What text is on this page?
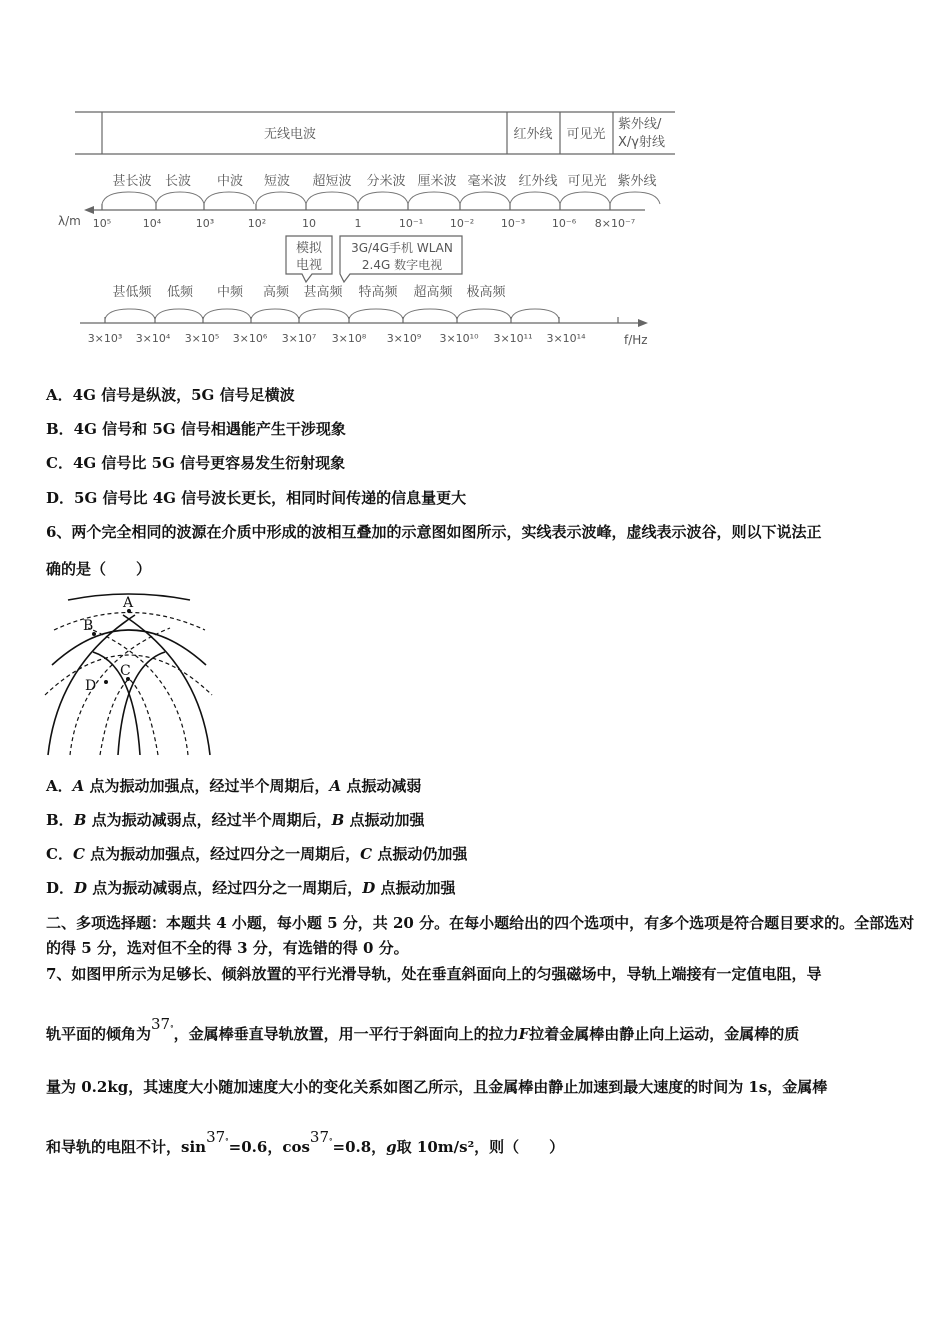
无线电波	红外线 可见光
紫外线/
X/γ射线
甚长波 长波 中波 短波 超短波 分米波 厘米波 毫米波 红外线 可见光 紫外线
λ/m 10⁵	10⁴	10³	10²	10	1	10⁻¹ 10⁻² 10⁻³ 10⁻⁶ 8×10⁻⁷
模拟
电视
3G/4G手机 WLAN
2.4G 数字电视
甚低频 低频 中频 高频 甚高频 特高频 超高频 极高频
3×10³ 3×10⁴ 3×10⁵ 3×10⁶ 3×10⁷ 3×10⁸ 3×10⁹ 3×10¹⁰ 3×10¹¹ 3×10¹⁴	f/Hz
A．4G 信号是纵波，5G 信号足横波
B．4G 信号和 5G 信号相遇能产生干涉现象
C．4G 信号比 5G 信号更容易发生衍射现象
D．5G 信号比 4G 信号波长更长，相同时间传递的信息量更大
6、两个完全相同的波源在介质中形成的波相互叠加的示意图如图所示，实线表示波峰，虚线表示波谷，则以下说法正
确的是（　　）
A
B
C
D
A．A 点为振动加强点，经过半个周期后，A 点振动减弱
B．B 点为振动减弱点，经过半个周期后，B 点振动加强
C．C 点为振动加强点，经过四分之一周期后，C 点振动仍加强
D．D 点为振动减弱点，经过四分之一周期后，D 点振动加强
二、多项选择题：本题共 4 小题，每小题 5 分，共 20 分。在每小题给出的四个选项中，有多个选项是符合题目要求的。全部选对的得 5 分，选对但不全的得 3 分，有选错的得 0 分。
7、如图甲所示为足够长、倾斜放置的平行光滑导轨，处在垂直斜面向上的匀强磁场中，导轨上端接有一定值电阻，导
轨平面的倾角为37°，金属棒垂直导轨放置，用一平行于斜面向上的拉力F拉着金属棒由静止向上运动，金属棒的质
量为 0.2kg，其速度大小随加速度大小的变化关系如图乙所示，且金属棒由静止加速到最大速度的时间为 1s，金属棒
和导轨的电阻不计，sin37°=0.6，cos37°=0.8，g取 10m/s²，则（　　）
